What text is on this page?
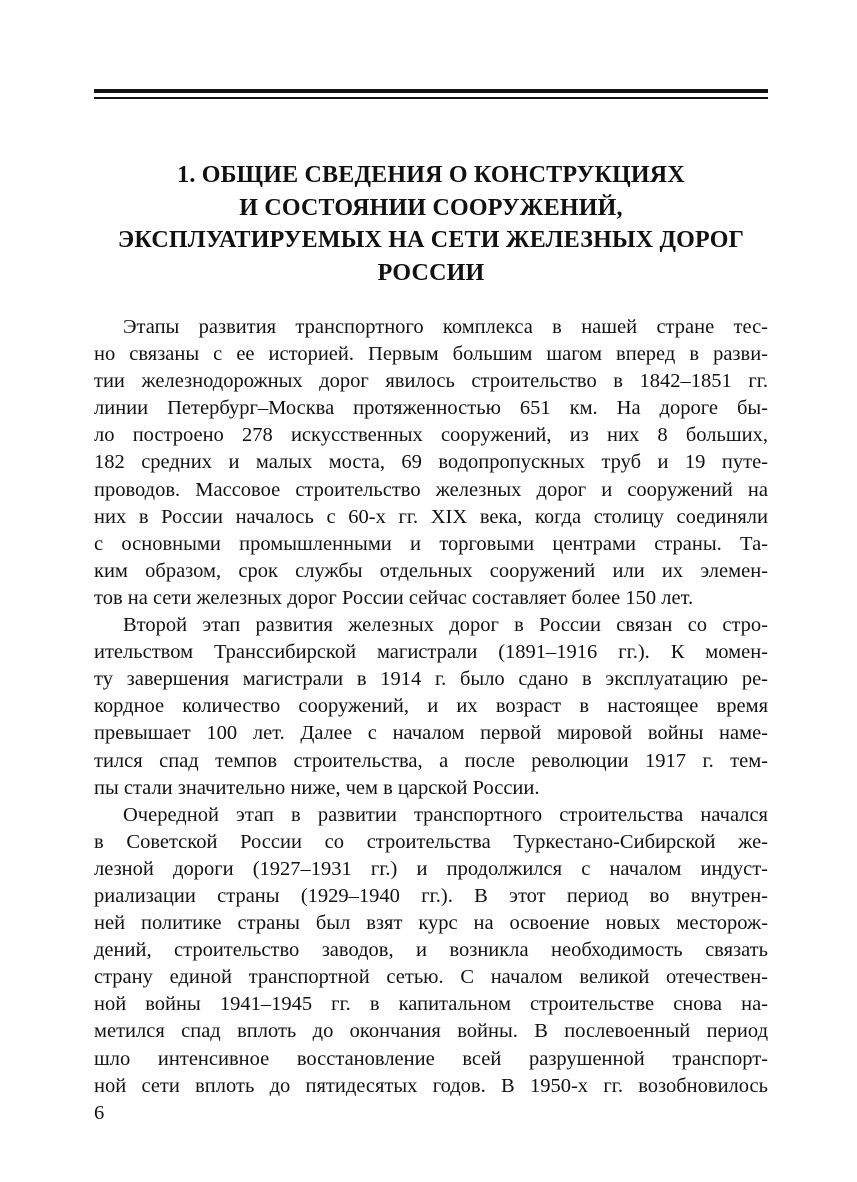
1. ОБЩИЕ СВЕДЕНИЯ О КОНСТРУКЦИЯХ
И СОСТОЯНИИ СООРУЖЕНИЙ,
ЭКСПЛУАТИРУЕМЫХ НА СЕТИ ЖЕЛЕЗНЫХ ДОРОГ
РОССИИ
Этапы развития транспортного комплекса в нашей стране тес-
но связаны с ее историей. Первым большим шагом вперед в разви-
тии железнодорожных дорог явилось строительство в 1842–1851 гг.
линии Петербург–Москва протяженностью 651 км. На дороге бы-
ло построено 278 искусственных сооружений, из них 8 больших,
182 средних и малых моста, 69 водопропускных труб и 19 путе-
проводов. Массовое строительство железных дорог и сооружений на
них в России началось с 60-х гг. XIX века, когда столицу соединяли
с основными промышленными и торговыми центрами страны. Та-
ким образом, срок службы отдельных сооружений или их элемен-
тов на сети железных дорог России сейчас составляет более 150 лет.
Второй этап развития железных дорог в России связан со стро-
ительством Транссибирской магистрали (1891–1916 гг.). К момен-
ту завершения магистрали в 1914 г. было сдано в эксплуатацию ре-
кордное количество сооружений, и их возраст в настоящее время
превышает 100 лет. Далее с началом первой мировой войны наме-
тился спад темпов строительства, а после революции 1917 г. тем-
пы стали значительно ниже, чем в царской России.
Очередной этап в развитии транспортного строительства начался
в Советской России со строительства Туркестано-Сибирской же-
лезной дороги (1927–1931 гг.) и продолжился с началом индуст-
риализации страны (1929–1940 гг.). В этот период во внутрен-
ней политике страны был взят курс на освоение новых месторож-
дений, строительство заводов, и возникла необходимость связать
страну единой транспортной сетью. С началом великой отечествен-
ной войны 1941–1945 гг. в капитальном строительстве снова на-
метился спад вплоть до окончания войны. В послевоенный период
шло интенсивное восстановление всей разрушенной транспорт-
ной сети вплоть до пятидесятых годов. В 1950-х гг. возобновилось
6
